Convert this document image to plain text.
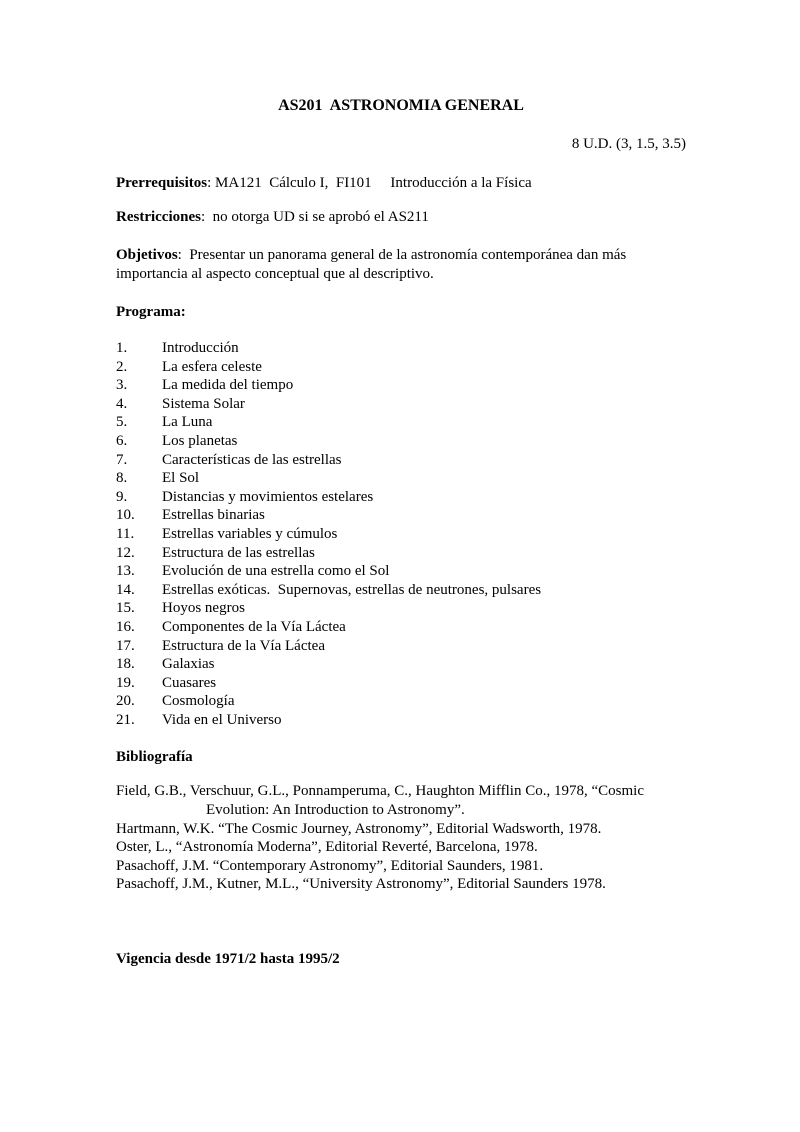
AS201  ASTRONOMIA GENERAL
8 U.D. (3, 1.5, 3.5)
Prerrequisitos: MA121  Cálculo I,  FI101     Introducción a la Física
Restricciones:  no otorga UD si se aprobó el AS211
Objetivos:  Presentar un panorama general de la astronomía contemporánea dan más importancia al aspecto conceptual que al descriptivo.
Programa:
1.	Introducción
2.	La esfera celeste
3.	La medida del tiempo
4.	Sistema Solar
5.	La Luna
6.	Los planetas
7.	Características de las estrellas
8.	El Sol
9.	Distancias y movimientos estelares
10.	Estrellas binarias
11.	Estrellas variables y cúmulos
12.	Estructura de las estrellas
13.	Evolución de una estrella como el Sol
14.	Estrellas exóticas.  Supernovas, estrellas de neutrones, pulsares
15.	Hoyos negros
16.	Componentes de la Vía Láctea
17.	Estructura de la Vía Láctea
18.	Galaxias
19.	Cuasares
20.	Cosmología
21.	Vida en el Universo
Bibliografía

Field, G.B., Verschuur, G.L., Ponnamperuma, C., Haughton Mifflin Co., 1978, “Cosmic

Evolution: An Introduction to Astronomy”.

Hartmann, W.K. “The Cosmic Journey, Astronomy”, Editorial Wadsworth, 1978.

Oster, L., “Astronomía Moderna”, Editorial Reverté, Barcelona, 1978.

Pasachoff, J.M. “Contemporary Astronomy”, Editorial Saunders, 1981.

Pasachoff, J.M., Kutner, M.L., “University Astronomy”, Editorial Saunders 1978.

Vigencia desde 1971/2 hasta 1995/2
